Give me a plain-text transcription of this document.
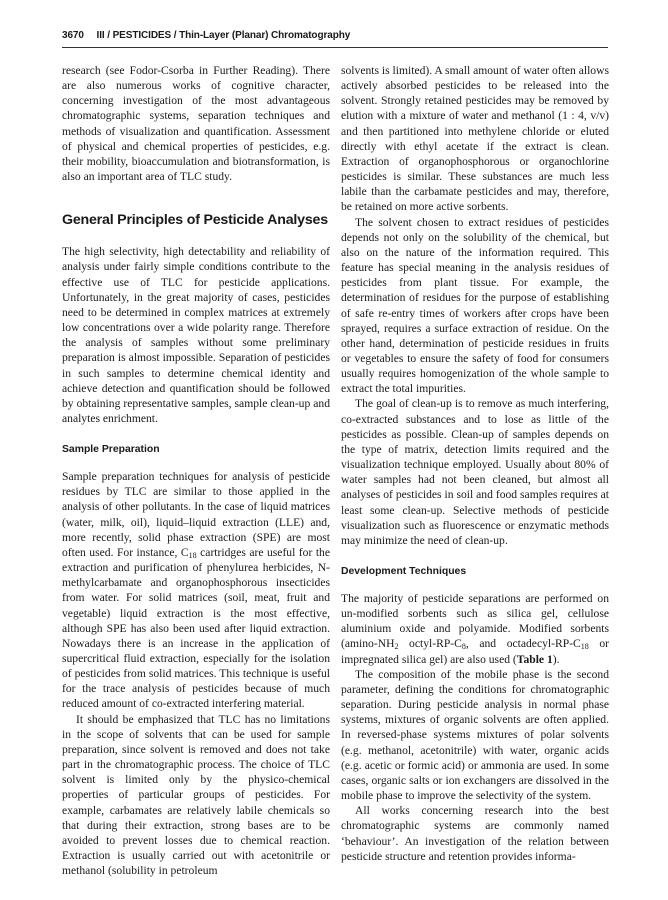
3670 III / PESTICIDES / Thin-Layer (Planar) Chromatography

research (see Fodor-Csorba in Further Reading). There are also numerous works of cognitive character, concerning investigation of the most advantageous chromatographic systems, separation techniques and methods of visualization and quantification. Assessment of physical and chemical properties of pesticides, e.g. their mobility, bioaccumulation and biotransformation, is also an important area of TLC study.

General Principles of Pesticide Analyses

The high selectivity, high detectability and reliability of analysis under fairly simple conditions contribute to the effective use of TLC for pesticide applications. Unfortunately, in the great majority of cases, pesticides need to be determined in complex matrices at extremely low concentrations over a wide polarity range. Therefore the analysis of samples without some preliminary preparation is almost impossible. Separation of pesticides in such samples to determine chemical identity and achieve detection and quantification should be followed by obtaining representative samples, sample clean-up and analytes enrichment.

Sample Preparation

Sample preparation techniques for analysis of pesticide residues by TLC are similar to those applied in the analysis of other pollutants. In the case of liquid matrices (water, milk, oil), liquid–liquid extraction (LLE) and, more recently, solid phase extraction (SPE) are most often used. For instance, $C_{18}$ cartridges are useful for the extraction and purification of phenylurea herbicides, N-methylcarbamate and organophosphorous insecticides from water. For solid matrices (soil, meat, fruit and vegetable) liquid extraction is the most effective, although SPE has also been used after liquid extraction. Nowadays there is an increase in the application of supercritical fluid extraction, especially for the isolation of pesticides from solid matrices. This technique is useful for the trace analysis of pesticides because of much reduced amount of co-extracted interfering material.

It should be emphasized that TLC has no limitations in the scope of solvents that can be used for sample preparation, since solvent is removed and does not take part in the chromatographic process. The choice of TLC solvent is limited only by the physico-chemical properties of particular groups of pesticides. For example, carbamates are relatively labile chemicals so that during their extraction, strong bases are to be avoided to prevent losses due to chemical reaction. Extraction is usually carried out with acetonitrile or methanol (solubility in petroleum

solvents is limited). A small amount of water often allows actively absorbed pesticides to be released into the solvent. Strongly retained pesticides may be removed by elution with a mixture of water and methanol (1 : 4, v/v) and then partitioned into methylene chloride or eluted directly with ethyl acetate if the extract is clean. Extraction of organophosphorous or organochlorine pesticides is similar. These substances are much less labile than the carbamate pesticides and may, therefore, be retained on more active sorbents.

The solvent chosen to extract residues of pesticides depends not only on the solubility of the chemical, but also on the nature of the information required. This feature has special meaning in the analysis residues of pesticides from plant tissue. For example, the determination of residues for the purpose of establishing of safe re-entry times of workers after crops have been sprayed, requires a surface extraction of residue. On the other hand, determination of pesticide residues in fruits or vegetables to ensure the safety of food for consumers usually requires homogenization of the whole sample to extract the total impurities.

The goal of clean-up is to remove as much interfering, co-extracted substances and to lose as little of the pesticides as possible. Clean-up of samples depends on the type of matrix, detection limits required and the visualization technique employed. Usually about 80% of water samples had not been cleaned, but almost all analyses of pesticides in soil and food samples requires at least some clean-up. Selective methods of pesticide visualization such as fluorescence or enzymatic methods may minimize the need of clean-up.

Development Techniques

The majority of pesticide separations are performed on un-modified sorbents such as silica gel, cellulose aluminium oxide and polyamide. Modified sorbents ($amino-NH_2$ octyl-$RP-C_8$, and octadecyl-$RP-C_{18}$ or impregnated silica gel) are also used (Table 1).

The composition of the mobile phase is the second parameter, defining the conditions for chromatographic separation. During pesticide analysis in normal phase systems, mixtures of organic solvents are often applied. In reversed-phase systems mixtures of polar solvents (e.g. methanol, acetonitrile) with water, organic acids (e.g. acetic or formic acid) or ammonia are used. In some cases, organic salts or ion exchangers are dissolved in the mobile phase to improve the selectivity of the system.

All works concerning research into the best chromatographic systems are commonly named ‘behaviour’. An investigation of the relation between pesticide structure and retention provides informa-
